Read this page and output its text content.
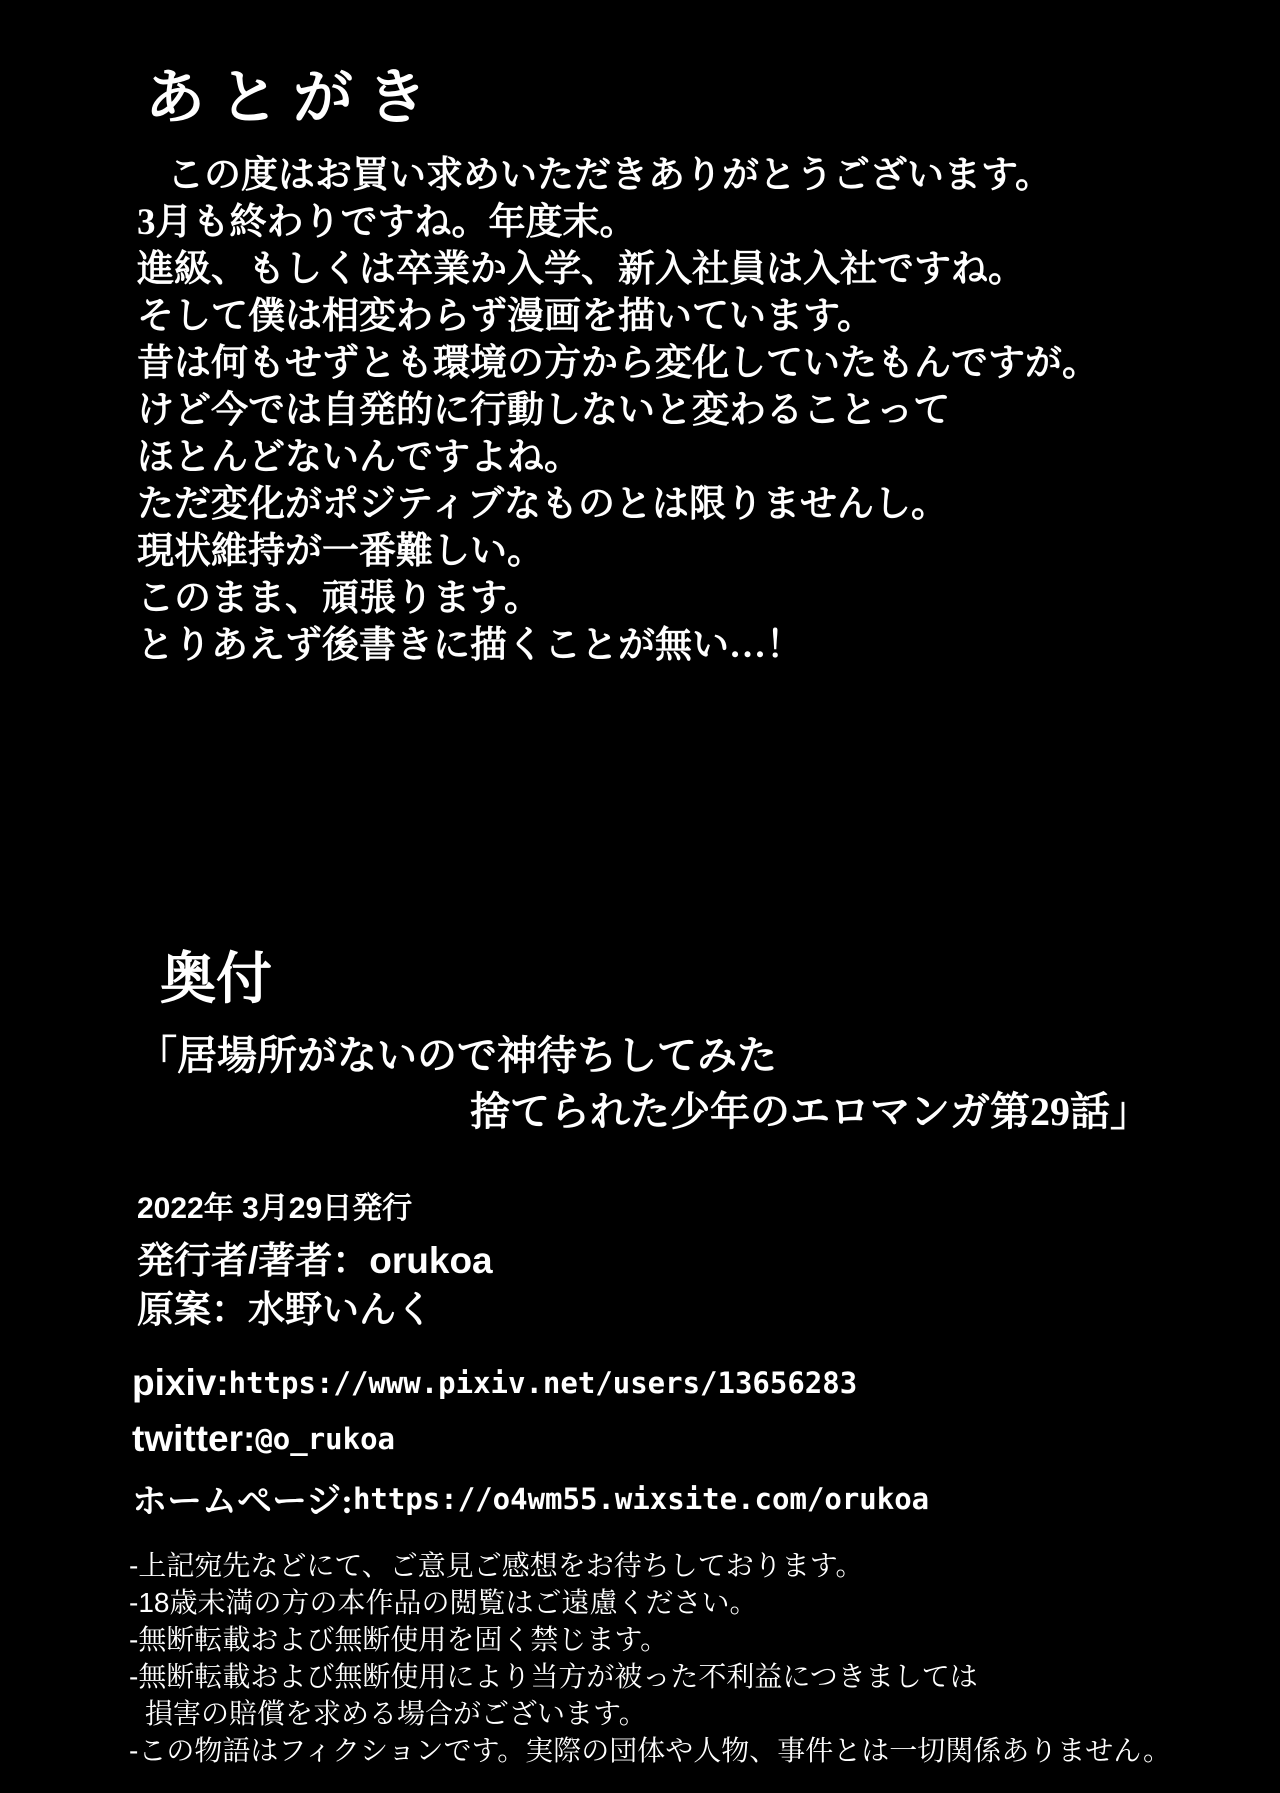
あとがき

この度はお買い求めいただきありがとうございます。

3月も終わりですね。年度末。

進級、もしくは卒業か入学、新入社員は入社ですね。

そして僕は相変わらず漫画を描いています。

昔は何もせずとも環境の方から変化していたもんですが。

けど今では自発的に行動しないと変わることって

ほとんどないんですよね。

ただ変化がポジティブなものとは限りませんし。

現状維持が一番難しい。

このまま、頑張ります。

とりあえず後書きに描くことが無い…！

奥付

「居場所がないので神待ちしてみた

捨てられた少年のエロマンガ第29話」

2022年 3月29日発行

発行者/著者：orukoa

原案：水野いんく

pixiv:https://www.pixiv.net/users/13656283

twitter:@o_rukoa

ホームページ:https://o4wm55.wixsite.com/orukoa

-上記宛先などにて、ご意見ご感想をお待ちしております。

-18歳未満の方の本作品の閲覧はご遠慮ください。

-無断転載および無断使用を固く禁じます。

-無断転載および無断使用により当方が被った不利益につきましては

損害の賠償を求める場合がございます。

-この物語はフィクションです。実際の団体や人物、事件とは一切関係ありません。
